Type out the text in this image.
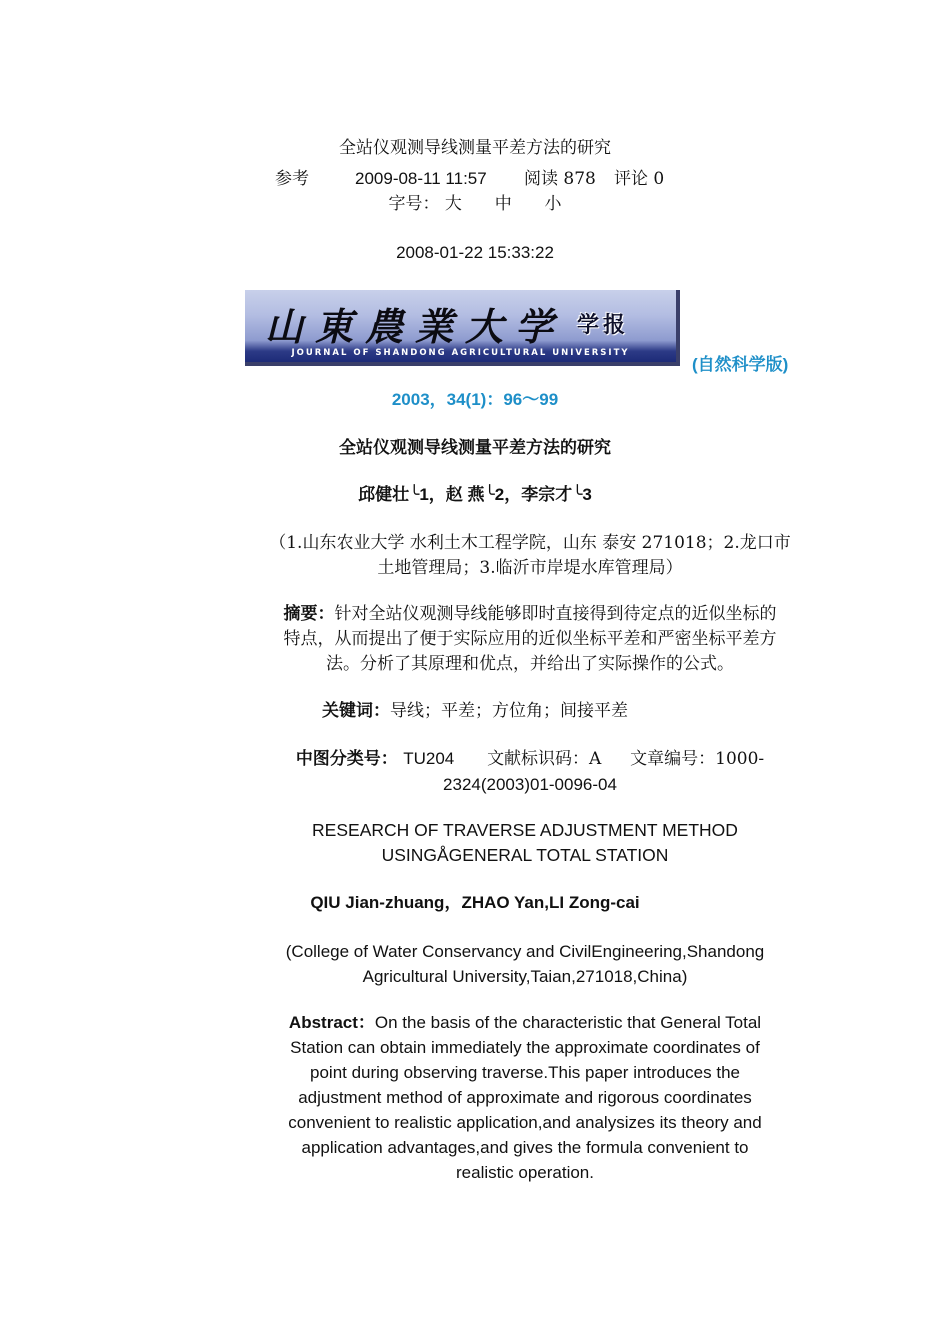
全站仪观测导线测量平差方法的研究
参考	2009-08-11 11:57 阅读 878 评论 0
字号： 大 中 小
2008-01-22 15:33:22
山東農業大学 学报
JOURNAL OF SHANDONG AGRICULTURAL UNIVERSITY
(自然科学版)
2003，34(1)：96～99
全站仪观测导线测量平差方法的研究
邱健壮╰1，赵 燕╰2，李宗才╰3
（1.山东农业大学 水利土木工程学院，山东 泰安 271018；2.龙口市
土地管理局；3.临沂市岸堤水库管理局）
摘要：针对全站仪观测导线能够即时直接得到待定点的近似坐标的
特点，从而提出了便于实际应用的近似坐标平差和严密坐标平差方
法。分析了其原理和优点，并给出了实际操作的公式。
关键词：导线；平差；方位角；间接平差
中图分类号： TU204 文献标识码：A 文章编号：1000-
2324(2003)01-0096-04
RESEARCH OF TRAVERSE ADJUSTMENT METHOD
USINGÅGENERAL TOTAL STATION
QIU Jian-zhuang，ZHAO Yan,LI Zong-cai
(College of Water Conservancy and CivilEngineering,Shandong
Agricultural University,Taian,271018,China)
Abstract：On the basis of the characteristic that General Total
Station can obtain immediately the approximate coordinates of
point during observing traverse.This paper introduces the
adjustment method of approximate and rigorous coordinates
convenient to realistic application,and analysizes its theory and
application advantages,and gives the formula convenient to
realistic operation.
